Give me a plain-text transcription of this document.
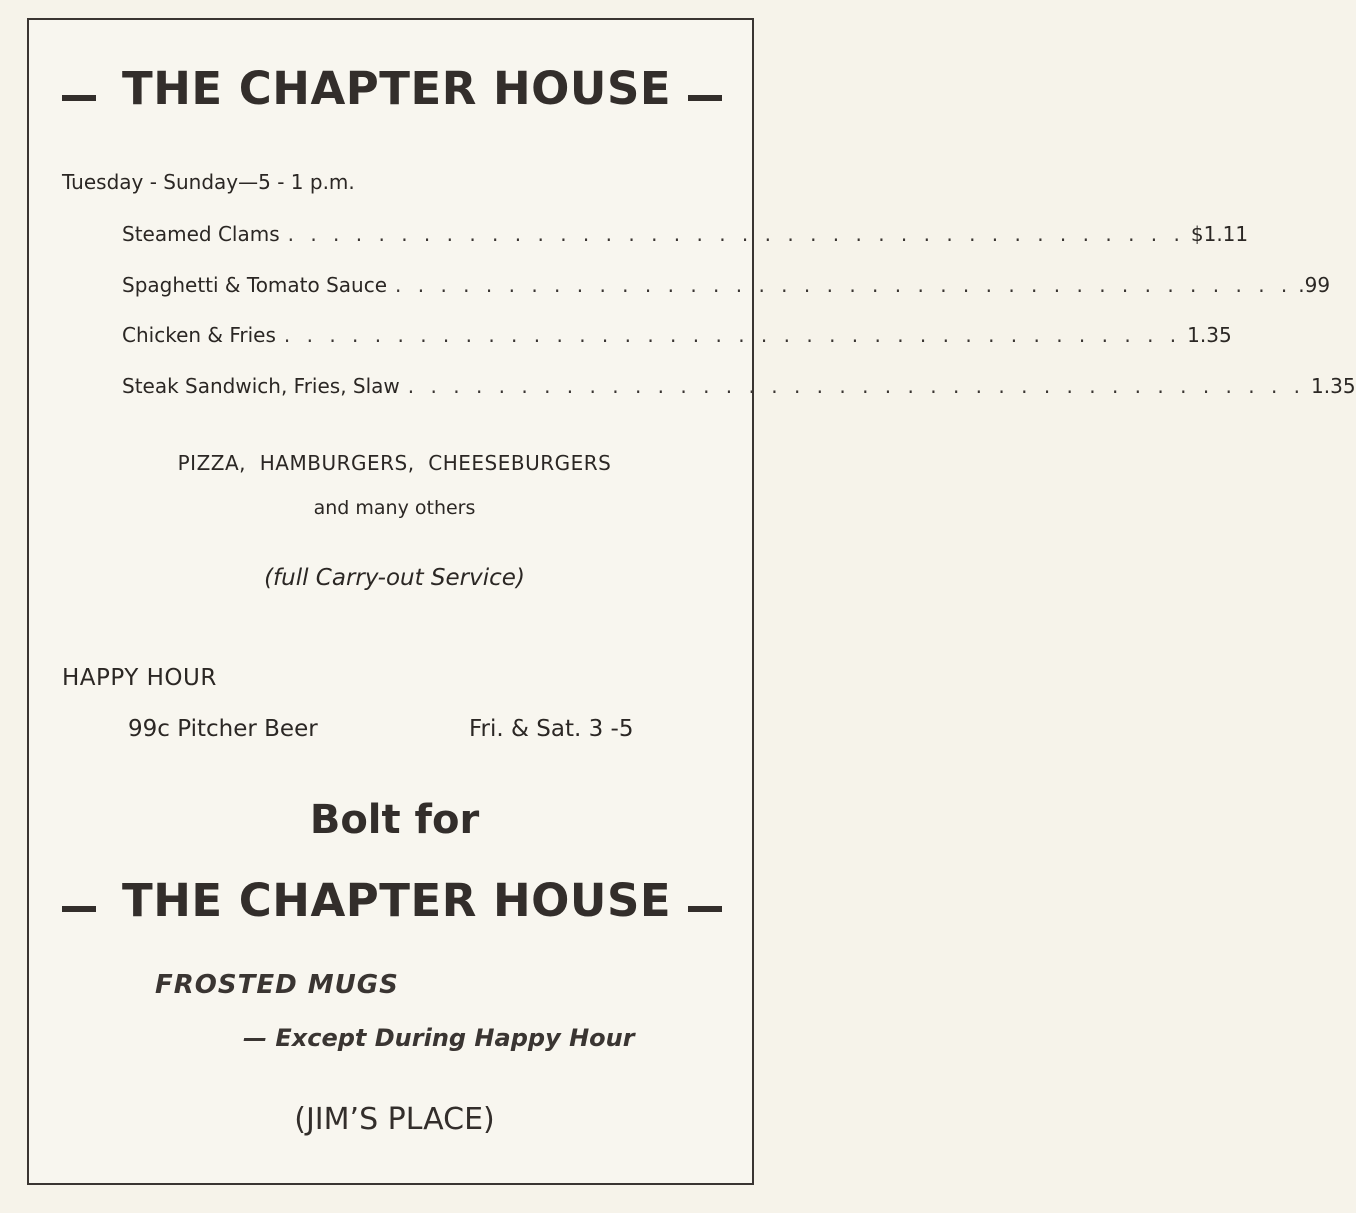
THE CHAPTER HOUSE
Tuesday - Sunday—5 - 1 p.m.
Steamed Clams . . . . . . . . . . . . . . . . . . . . . . . . . . . . . . . . . . . . . . . . $1.11
Spaghetti & Tomato Sauce . . . . . . . . . . . . . . . . . . . . . . . . . . . . . . . . . . . . . . . . .99
Chicken & Fries . . . . . . . . . . . . . . . . . . . . . . . . . . . . . . . . . . . . . . . . 1.35
Steak Sandwich, Fries, Slaw . . . . . . . . . . . . . . . . . . . . . . . . . . . . . . . . . . . . . . . . 1.35
PIZZA,  HAMBURGERS,  CHEESEBURGERS
and many others
(full Carry-out Service)
HAPPY HOUR
99c Pitcher Beer	Fri. & Sat. 3 -5
Bolt for
THE CHAPTER HOUSE
FROSTED MUGS
— Except During Happy Hour
(JIM’S PLACE)
